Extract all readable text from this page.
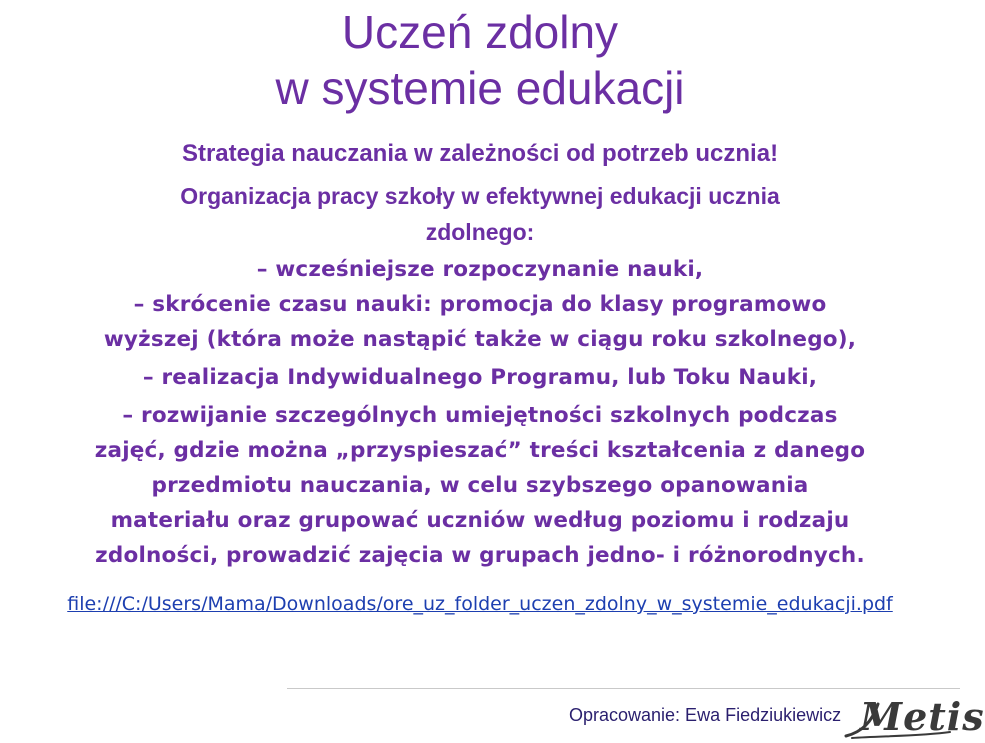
Uczeń zdolny
w systemie edukacji

Strategia nauczania w zależności od potrzeb ucznia!

Organizacja pracy szkoły w efektywnej edukacji ucznia

zdolnego:

– wcześniejsze rozpoczynanie nauki,

– skrócenie czasu nauki: promocja do klasy programowo

wyższej (która może nastąpić także w ciągu roku szkolnego),

– realizacja Indywidualnego Programu, lub Toku Nauki,

– rozwijanie szczególnych umiejętności szkolnych podczas

zajęć, gdzie można „przyspieszać” treści kształcenia z danego

przedmiotu nauczania, w celu szybszego opanowania

materiału oraz grupować uczniów według poziomu i rodzaju

zdolności, prowadzić zajęcia w grupach jedno- i różnorodnych.

file:///C:/Users/Mama/Downloads/ore_uz_folder_uczen_zdolny_w_systemie_edukacji.pdf
Opracowanie: Ewa Fiedziukiewicz Metis
